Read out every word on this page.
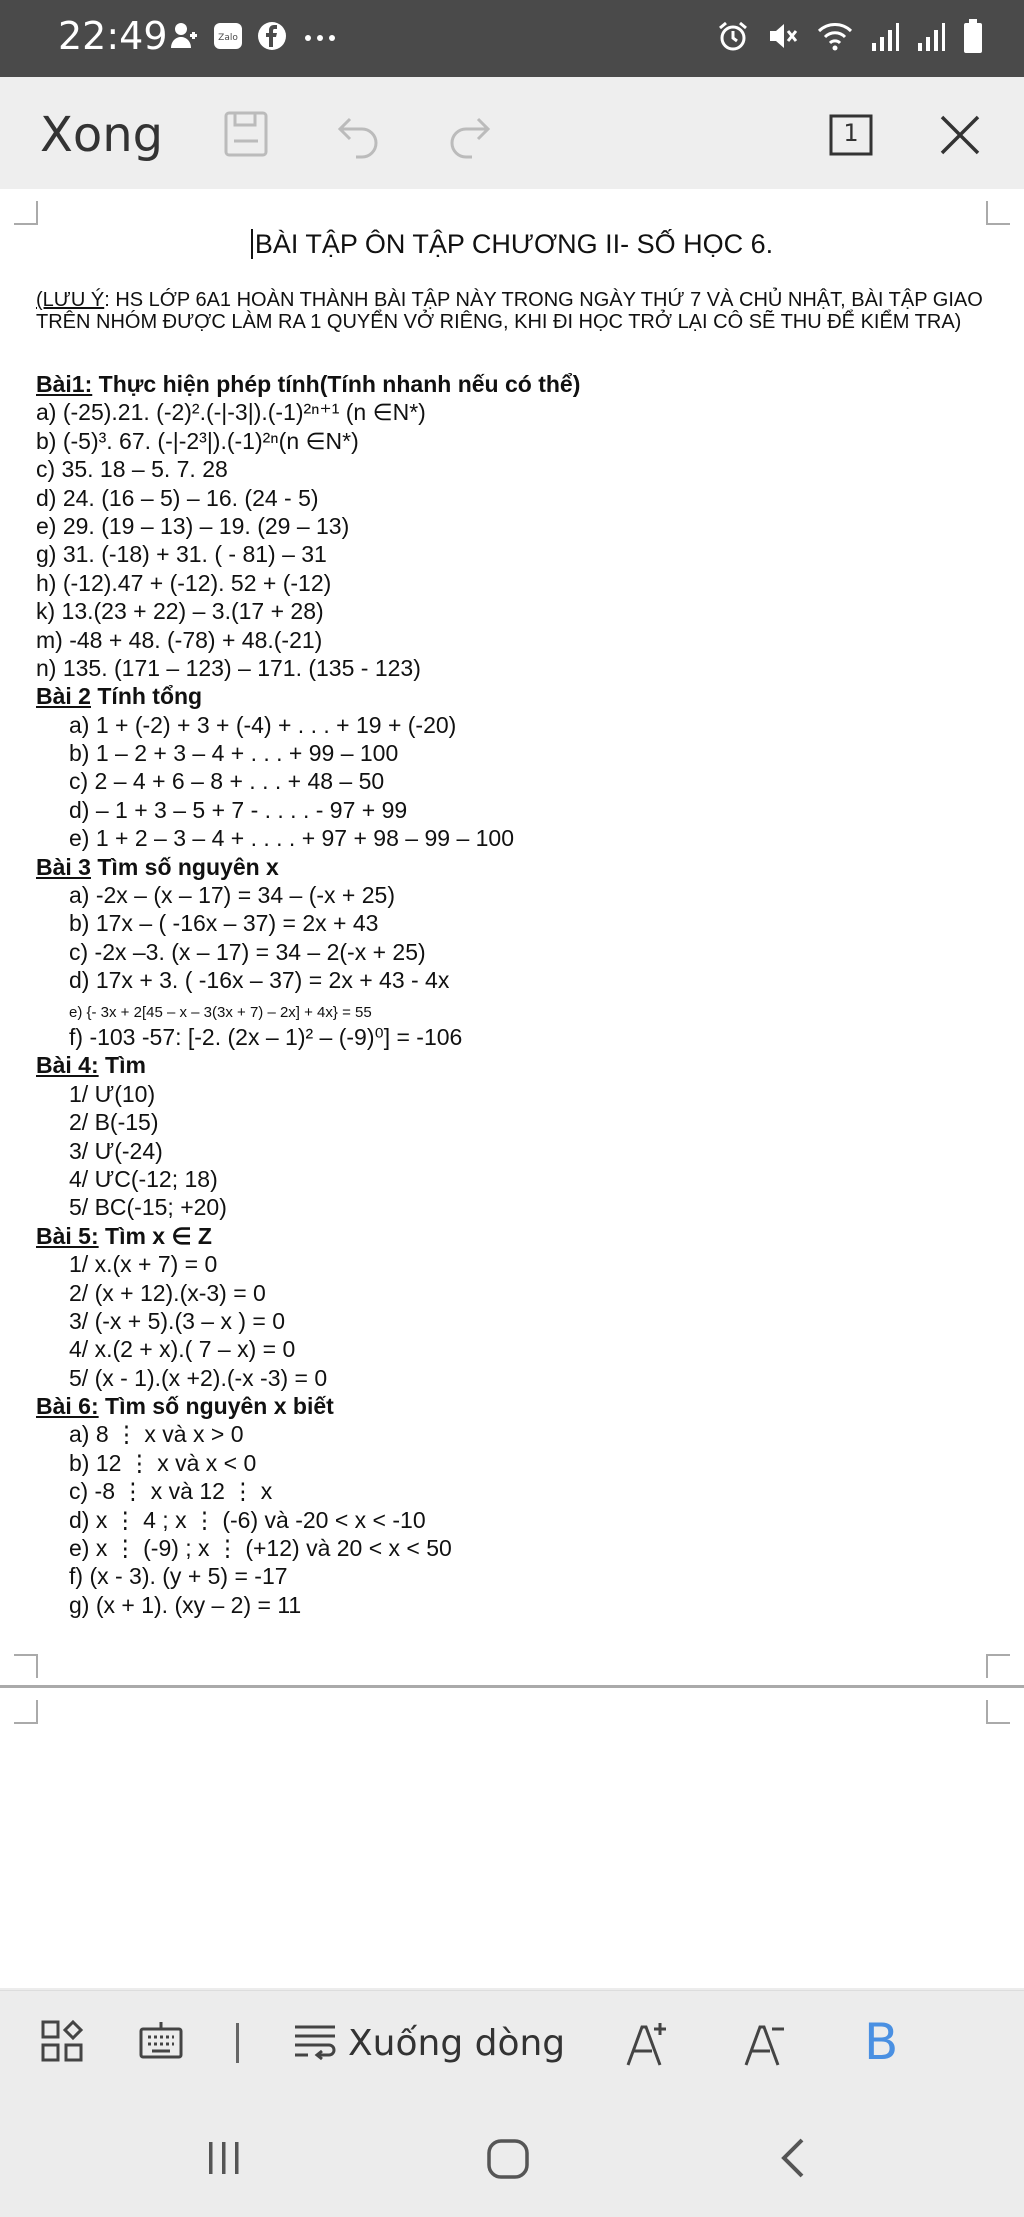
22:49	Zalo
Xong	1
BÀI TẬP ÔN TẬP CHƯƠNG II- SỐ HỌC 6.
(LƯU Ý: HS LỚP 6A1 HOÀN THÀNH BÀI TẬP NÀY TRONG NGÀY THỨ 7 VÀ CHỦ NHẬT, BÀI TẬP GIAO TRÊN NHÓM ĐƯỢC LÀM RA 1 QUYỂN VỞ RIÊNG, KHI ĐI HỌC TRỞ LẠI CÔ SẼ THU ĐỂ KIỂM TRA)
Bài1: Thực hiện phép tính(Tính nhanh nếu có thể)
a) (-25).21. (-2)².(-|-3|).(-1)²ⁿ⁺¹ (n ∈N*)
b) (-5)³. 67. (-|-2³|).(-1)²ⁿ(n ∈N*)
c) 35. 18 – 5. 7. 28
d) 24. (16 – 5) – 16. (24 - 5)
e) 29. (19 – 13) – 19. (29 – 13)
g) 31. (-18) + 31. ( - 81) – 31
h) (-12).47 + (-12). 52 + (-12)
k) 13.(23 + 22) – 3.(17 + 28)
m) -48 + 48. (-78) + 48.(-21)
n) 135. (171 – 123) – 171. (135 - 123)
Bài 2 Tính tổng
a) 1 + (-2) + 3 + (-4) + . . . + 19 + (-20)
b) 1 – 2 + 3 – 4 + . . . + 99 – 100
c) 2 – 4 + 6 – 8 + . . . + 48 – 50
d) – 1 + 3 – 5 + 7 - . . . . - 97 + 99
e) 1 + 2 – 3 – 4 + . . . . + 97 + 98 – 99 – 100
Bài 3 Tìm số nguyên x
a) -2x – (x – 17) = 34 – (-x + 25)
b) 17x – ( -16x – 37) = 2x + 43
c) -2x –3. (x – 17) = 34 – 2(-x + 25)
d) 17x + 3. ( -16x – 37) = 2x + 43 - 4x
e) {- 3x + 2[45 – x – 3(3x + 7) – 2x] + 4x} = 55
f) -103 -57: [-2. (2x – 1)² – (-9)⁰] = -106
Bài 4: Tìm
1/ Ư(10)
2/ B(-15)
3/ Ư(-24)
4/ ƯC(-12; 18)
5/ BC(-15; +20)
Bài 5: Tìm x ∈ Z
1/ x.(x + 7) = 0
2/ (x + 12).(x-3) = 0
3/ (-x + 5).(3 – x ) = 0
4/ x.(2 + x).( 7 – x) = 0
5/ (x - 1).(x +2).(-x -3) = 0
Bài 6: Tìm số nguyên x biết
a) 8 ⋮ x và x > 0
b) 12 ⋮ x và x < 0
c) -8 ⋮ x và 12 ⋮ x
d) x ⋮ 4 ; x ⋮ (-6) và -20 < x < -10
e) x ⋮ (-9) ; x ⋮ (+12) và 20 < x < 50
f) (x - 3). (y + 5) = -17
g) (x + 1). (xy – 2) = 11
Xuống dòng	B
